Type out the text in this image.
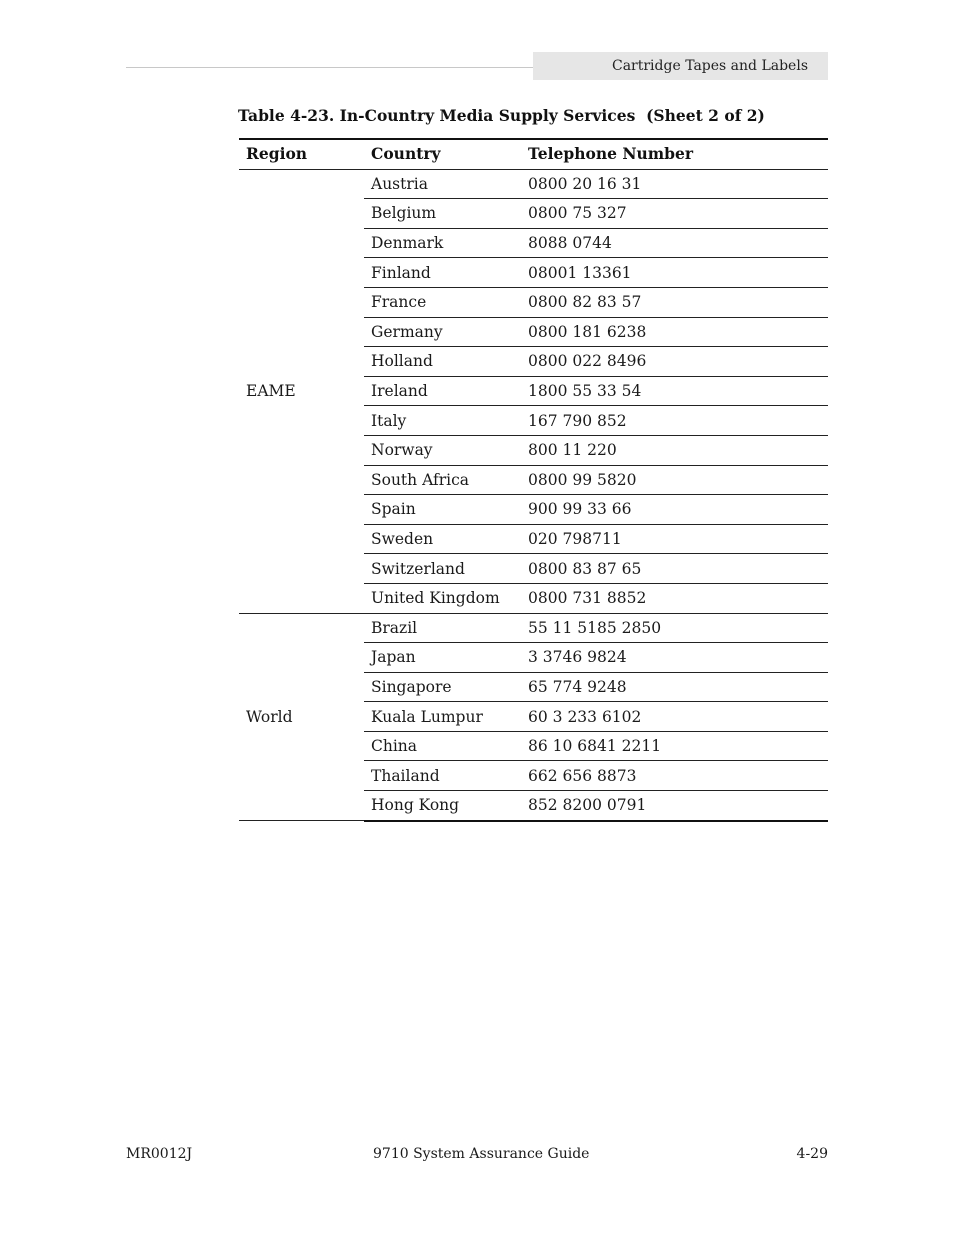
Cartridge Tapes and Labels
Table 4-23. In-Country Media Supply Services  (Sheet 2 of 2)
Region	Country	Telephone Number
EAME	Austria	0800 20 16 31
	Belgium	0800 75 327
	Denmark	8088 0744
	Finland	08001 13361
	France	0800 82 83 57
	Germany	0800 181 6238
	Holland	0800 022 8496
	Ireland	1800 55 33 54
	Italy	167 790 852
	Norway	800 11 220
	South Africa	0800 99 5820
	Spain	900 99 33 66
	Sweden	020 798711
	Switzerland	0800 83 87 65
	United Kingdom	0800 731 8852
World	Brazil	55 11 5185 2850
	Japan	3 3746 9824
	Singapore	65 774 9248
	Kuala Lumpur	60 3 233 6102
	China	86 10 6841 2211
	Thailand	662 656 8873
	Hong Kong	852 8200 0791
MR0012J	9710 System Assurance Guide	4-29
